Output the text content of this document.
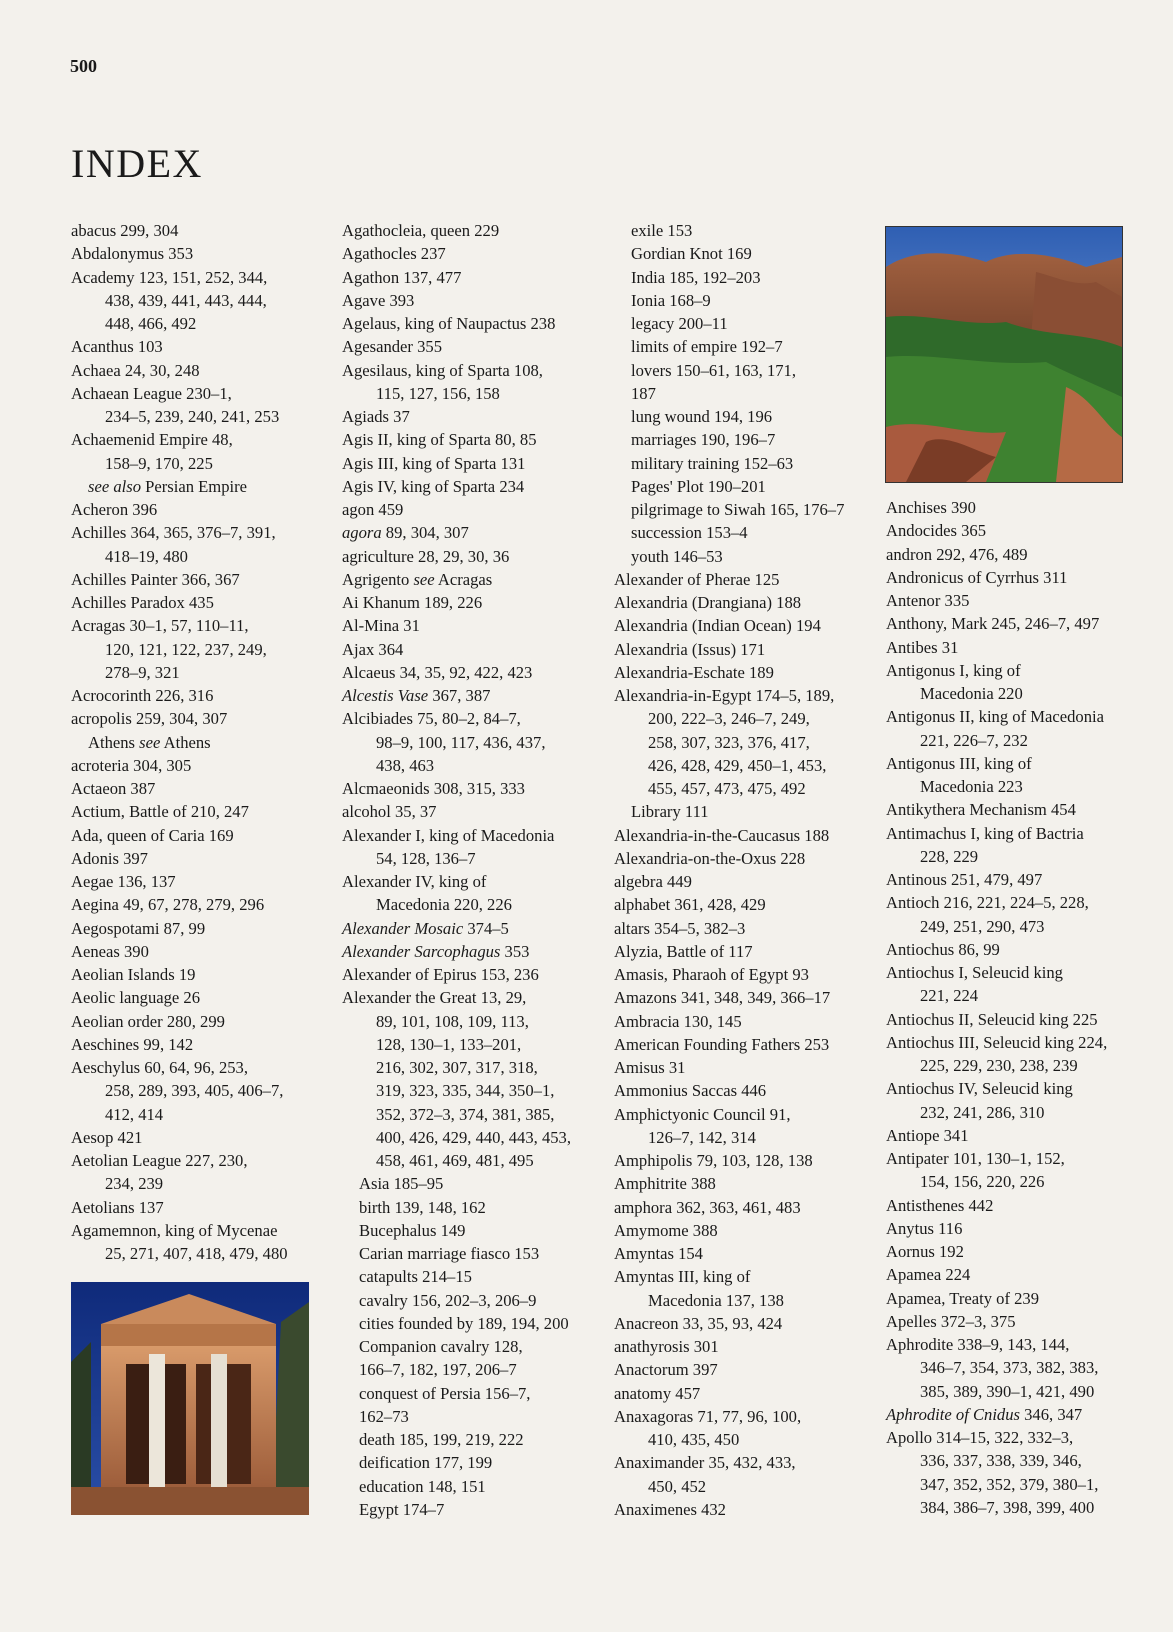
500
INDEX
abacus 299, 304
Abdalonymus 353
Academy 123, 151, 252, 344,
438, 439, 441, 443, 444,
448, 466, 492
Acanthus 103
Achaea 24, 30, 248
Achaean League 230–1,
234–5, 239, 240, 241, 253
Achaemenid Empire 48,
158–9, 170, 225
see also Persian Empire
Acheron 396
Achilles 364, 365, 376–7, 391,
418–19, 480
Achilles Painter 366, 367
Achilles Paradox 435
Acragas 30–1, 57, 110–11,
120, 121, 122, 237, 249,
278–9, 321
Acrocorinth 226, 316
acropolis 259, 304, 307
Athens see Athens
acroteria 304, 305
Actaeon 387
Actium, Battle of 210, 247
Ada, queen of Caria 169
Adonis 397
Aegae 136, 137
Aegina 49, 67, 278, 279, 296
Aegospotami 87, 99
Aeneas 390
Aeolian Islands 19
Aeolic language 26
Aeolian order 280, 299
Aeschines 99, 142
Aeschylus 60, 64, 96, 253,
258, 289, 393, 405, 406–7,
412, 414
Aesop 421
Aetolian League 227, 230,
234, 239
Aetolians 137
Agamemnon, king of Mycenae
25, 271, 407, 418, 479, 480
Agathocleia, queen 229
Agathocles 237
Agathon 137, 477
Agave 393
Agelaus, king of Naupactus 238
Agesander 355
Agesilaus, king of Sparta 108,
115, 127, 156, 158
Agiads 37
Agis II, king of Sparta 80, 85
Agis III, king of Sparta 131
Agis IV, king of Sparta 234
agon 459
agora 89, 304, 307
agriculture 28, 29, 30, 36
Agrigento see Acragas
Ai Khanum 189, 226
Al-Mina 31
Ajax 364
Alcaeus 34, 35, 92, 422, 423
Alcestis Vase 367, 387
Alcibiades 75, 80–2, 84–7,
98–9, 100, 117, 436, 437,
438, 463
Alcmaeonids 308, 315, 333
alcohol 35, 37
Alexander I, king of Macedonia
54, 128, 136–7
Alexander IV, king of
Macedonia 220, 226
Alexander Mosaic 374–5
Alexander Sarcophagus 353
Alexander of Epirus 153, 236
Alexander the Great 13, 29,
89, 101, 108, 109, 113,
128, 130–1, 133–201,
216, 302, 307, 317, 318,
319, 323, 335, 344, 350–1,
352, 372–3, 374, 381, 385,
400, 426, 429, 440, 443, 453,
458, 461, 469, 481, 495
Asia 185–95
birth 139, 148, 162
Bucephalus 149
Carian marriage fiasco 153
catapults 214–15
cavalry 156, 202–3, 206–9
cities founded by 189, 194, 200
Companion cavalry 128,
166–7, 182, 197, 206–7
conquest of Persia 156–7,
162–73
death 185, 199, 219, 222
deification 177, 199
education 148, 151
Egypt 174–7
exile 153
Gordian Knot 169
India 185, 192–203
Ionia 168–9
legacy 200–11
limits of empire 192–7
lovers 150–61, 163, 171,
187
lung wound 194, 196
marriages 190, 196–7
military training 152–63
Pages' Plot 190–201
pilgrimage to Siwah 165, 176–7
succession 153–4
youth 146–53
Alexander of Pherae 125
Alexandria (Drangiana) 188
Alexandria (Indian Ocean) 194
Alexandria (Issus) 171
Alexandria-Eschate 189
Alexandria-in-Egypt 174–5, 189,
200, 222–3, 246–7, 249,
258, 307, 323, 376, 417,
426, 428, 429, 450–1, 453,
455, 457, 473, 475, 492
Library 111
Alexandria-in-the-Caucasus 188
Alexandria-on-the-Oxus 228
algebra 449
alphabet 361, 428, 429
altars 354–5, 382–3
Alyzia, Battle of 117
Amasis, Pharaoh of Egypt 93
Amazons 341, 348, 349, 366–17
Ambracia 130, 145
American Founding Fathers 253
Amisus 31
Ammonius Saccas 446
Amphictyonic Council 91,
126–7, 142, 314
Amphipolis 79, 103, 128, 138
Amphitrite 388
amphora 362, 363, 461, 483
Amymome 388
Amyntas 154
Amyntas III, king of
Macedonia 137, 138
Anacreon 33, 35, 93, 424
anathyrosis 301
Anactorum 397
anatomy 457
Anaxagoras 71, 77, 96, 100,
410, 435, 450
Anaximander 35, 432, 433,
450, 452
Anaximenes 432
Anchises 390
Andocides 365
andron 292, 476, 489
Andronicus of Cyrrhus 311
Antenor 335
Anthony, Mark 245, 246–7, 497
Antibes 31
Antigonus I, king of
Macedonia 220
Antigonus II, king of Macedonia
221, 226–7, 232
Antigonus III, king of
Macedonia 223
Antikythera Mechanism 454
Antimachus I, king of Bactria
228, 229
Antinous 251, 479, 497
Antioch 216, 221, 224–5, 228,
249, 251, 290, 473
Antiochus 86, 99
Antiochus I, Seleucid king
221, 224
Antiochus II, Seleucid king 225
Antiochus III, Seleucid king 224,
225, 229, 230, 238, 239
Antiochus IV, Seleucid king
232, 241, 286, 310
Antiope 341
Antipater 101, 130–1, 152,
154, 156, 220, 226
Antisthenes 442
Anytus 116
Aornus 192
Apamea 224
Apamea, Treaty of 239
Apelles 372–3, 375
Aphrodite 338–9, 143, 144,
346–7, 354, 373, 382, 383,
385, 389, 390–1, 421, 490
Aphrodite of Cnidus 346, 347
Apollo 314–15, 322, 332–3,
336, 337, 338, 339, 346,
347, 352, 352, 379, 380–1,
384, 386–7, 398, 399, 400
